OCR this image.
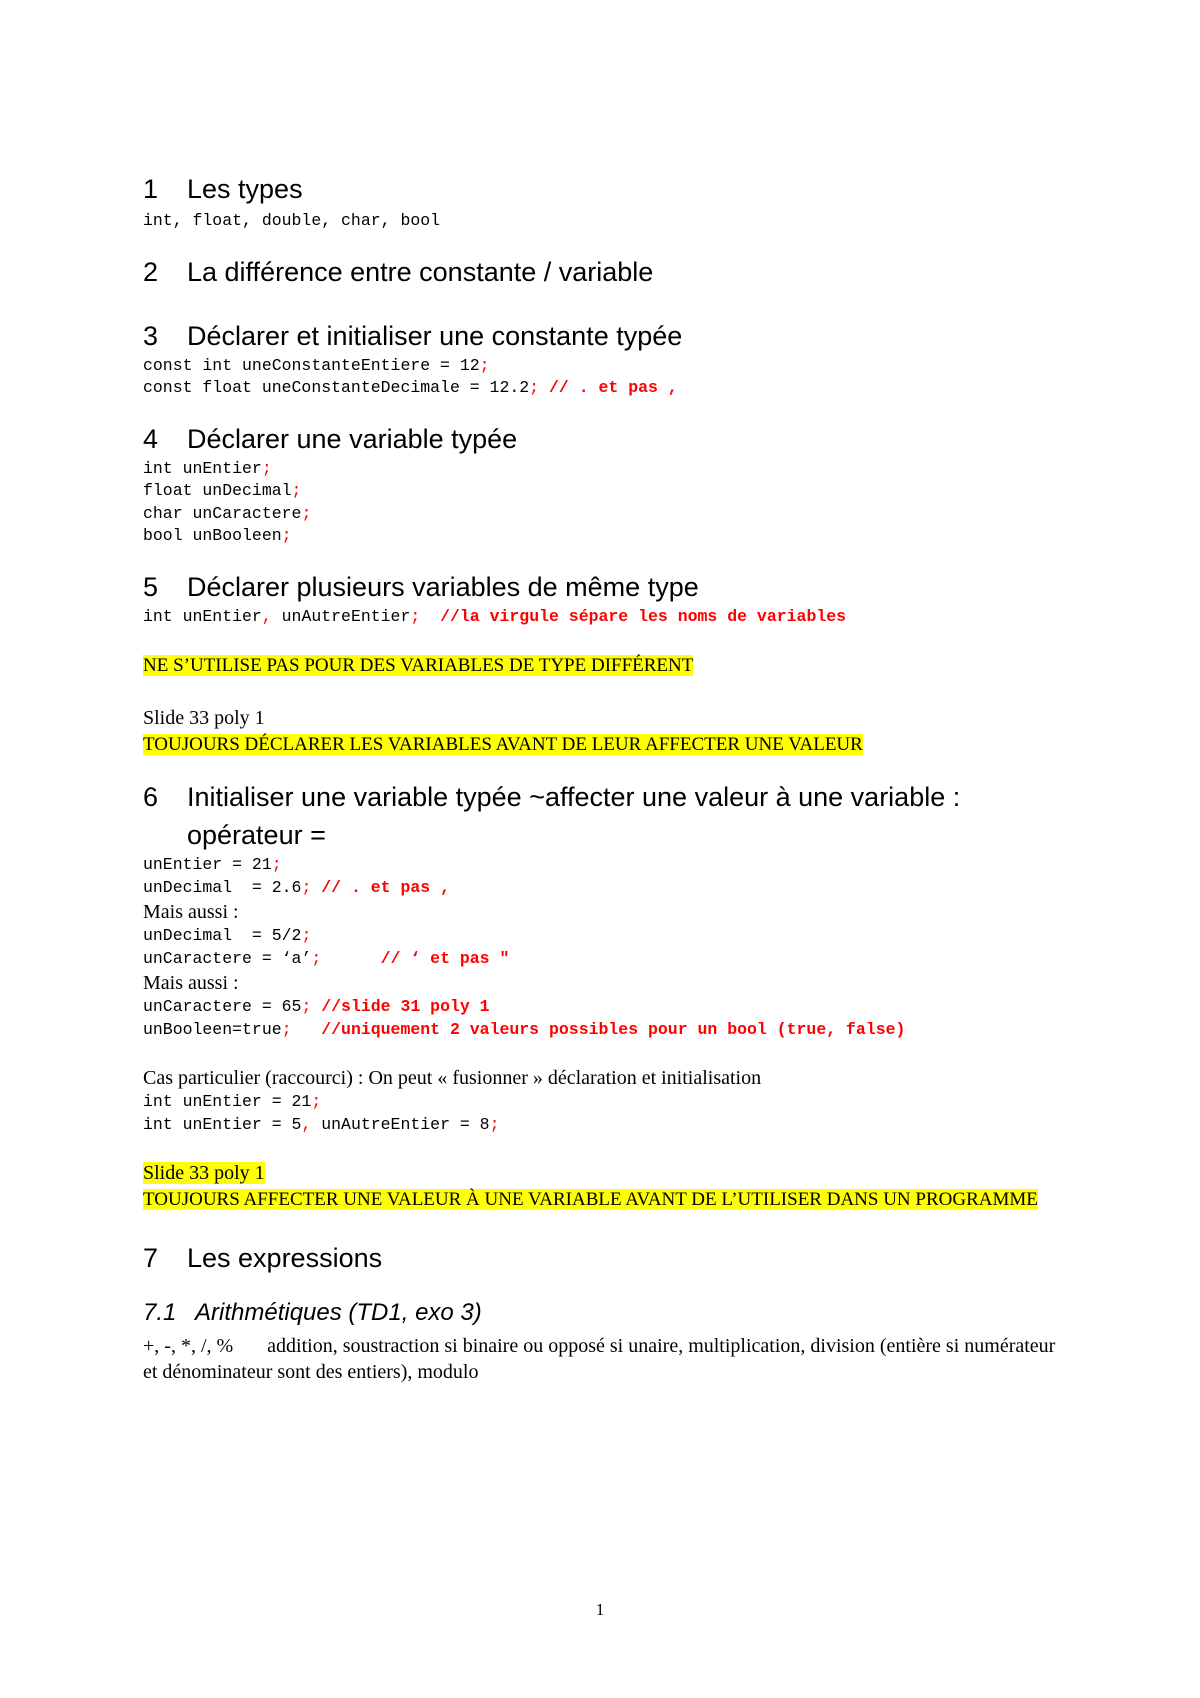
1 Les types

int, float, double, char, bool

2 La différence entre constante / variable
3 Déclarer et initialiser une constante typée
const int uneConstanteEntiere = 12;
const float uneConstanteDecimale = 12.2; // . et pas ,
4 Déclarer une variable typée
int unEntier;
float unDecimal;
char unCaractere;
bool unBooleen;
5 Déclarer plusieurs variables de même type
int unEntier, unAutreEntier; //la virgule sépare les noms de variables

NE S’UTILISE PAS POUR DES VARIABLES DE TYPE DIFFÉRENT

Slide 33 poly 1

TOUJOURS DÉCLARER LES VARIABLES AVANT DE LEUR AFFECTER UNE VALEUR

6 Initialiser une variable typée ~affecter une valeur à une variable : opérateur =
unEntier = 21;
unDecimal  = 2.6; // . et pas ,

Mais aussi :

unDecimal  = 5/2;
unCaractere = ‘a’;	// ‘ et pas "

Mais aussi :

unCaractere = 65; //slide 31 poly 1
unBooleen=true; //uniquement 2 valeurs possibles pour un bool (true, false)

Cas particulier (raccourci) : On peut « fusionner » déclaration et initialisation

int unEntier = 21;
int unEntier = 5, unAutreEntier = 8;

Slide 33 poly 1

TOUJOURS AFFECTER UNE VALEUR À UNE VARIABLE AVANT DE L’UTILISER DANS UN PROGRAMME

7 Les expressions
7.1 Arithmétiques (TD1, exo 3)

+, -, *, /, % addition, soustraction si binaire ou opposé si unaire, multiplication, division (entière si numérateur et dénominateur sont des entiers), modulo

1
